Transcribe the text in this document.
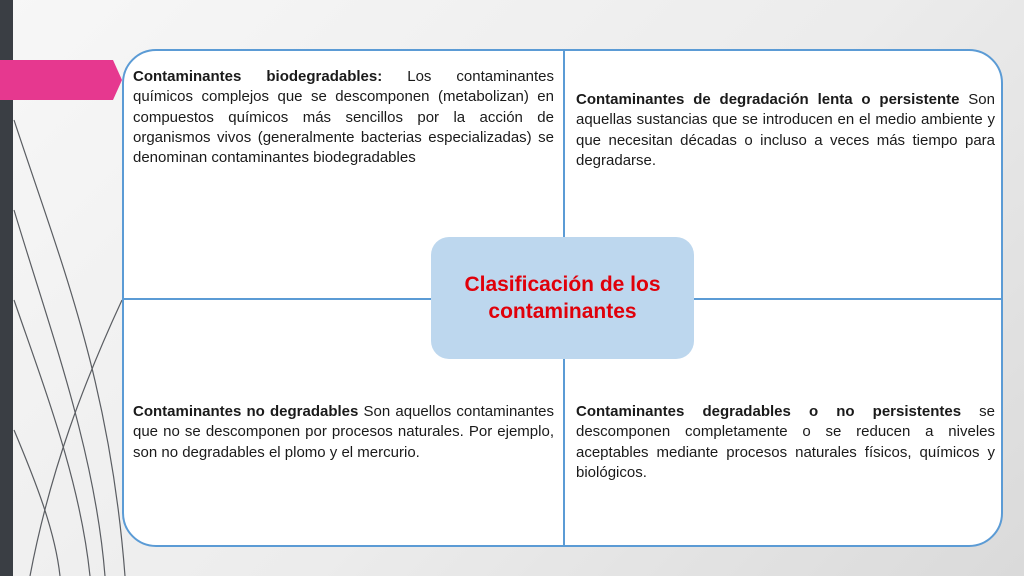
Contaminantes biodegradables: Los contaminantes químicos complejos que se descomponen (metabolizan) en compuestos químicos más sencillos por la acción de organismos vivos (generalmente bacterias especializadas) se denominan contaminantes biodegradables

Contaminantes de degradación lenta o persistente Son aquellas sustancias que se introducen en el medio ambiente y que necesitan décadas o incluso a veces más tiempo para degradarse.

Contaminantes no degradables Son aquellos contaminantes que no se descomponen por procesos naturales. Por ejemplo, son no degradables el plomo y el mercurio.

Contaminantes degradables o no persistentes se descomponen completamente o se reducen a niveles aceptables mediante procesos naturales físicos, químicos y biológicos.

Clasificación de los contaminantes
